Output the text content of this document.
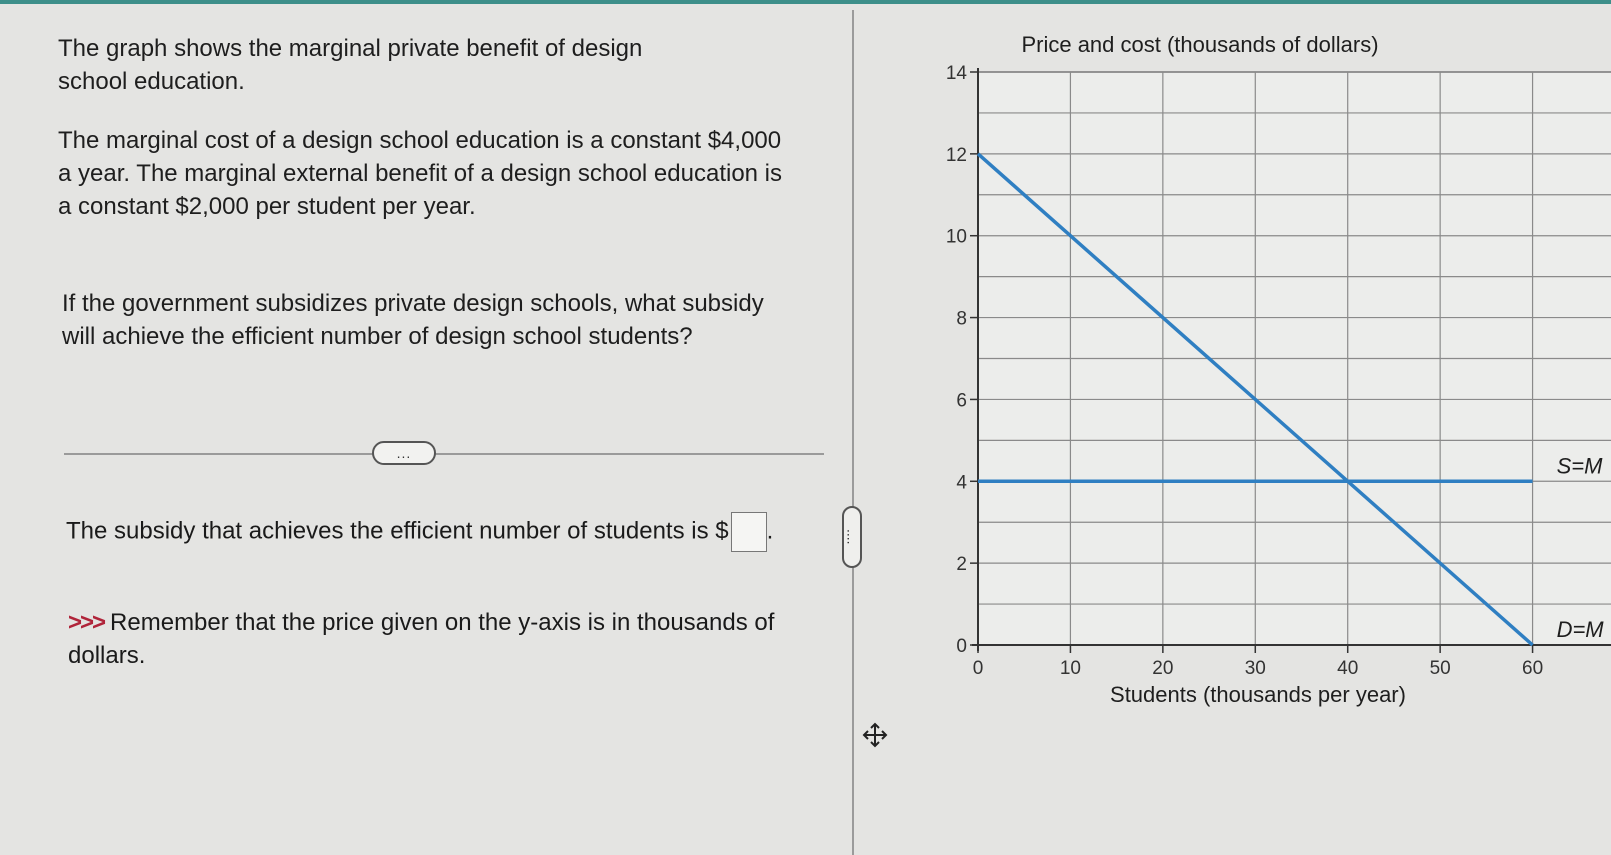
The graph shows the marginal private benefit of design school education.
The marginal cost of a design school education is a constant $4,000 a year. The marginal external benefit of a design school education is a constant $2,000 per student per year.
If the government subsidizes private design schools, what subsidy will achieve the efficient number of design school students?
...
The subsidy that achieves the efficient number of students is $ .
>>> Remember that the price given on the y-axis is in thousands of dollars.
....
Price and cost (thousands of dollars)
Students (thousands per year)
0
2
4
6
8
10
12
14
0	10	20	30	40	50	60
S=M
D=M
